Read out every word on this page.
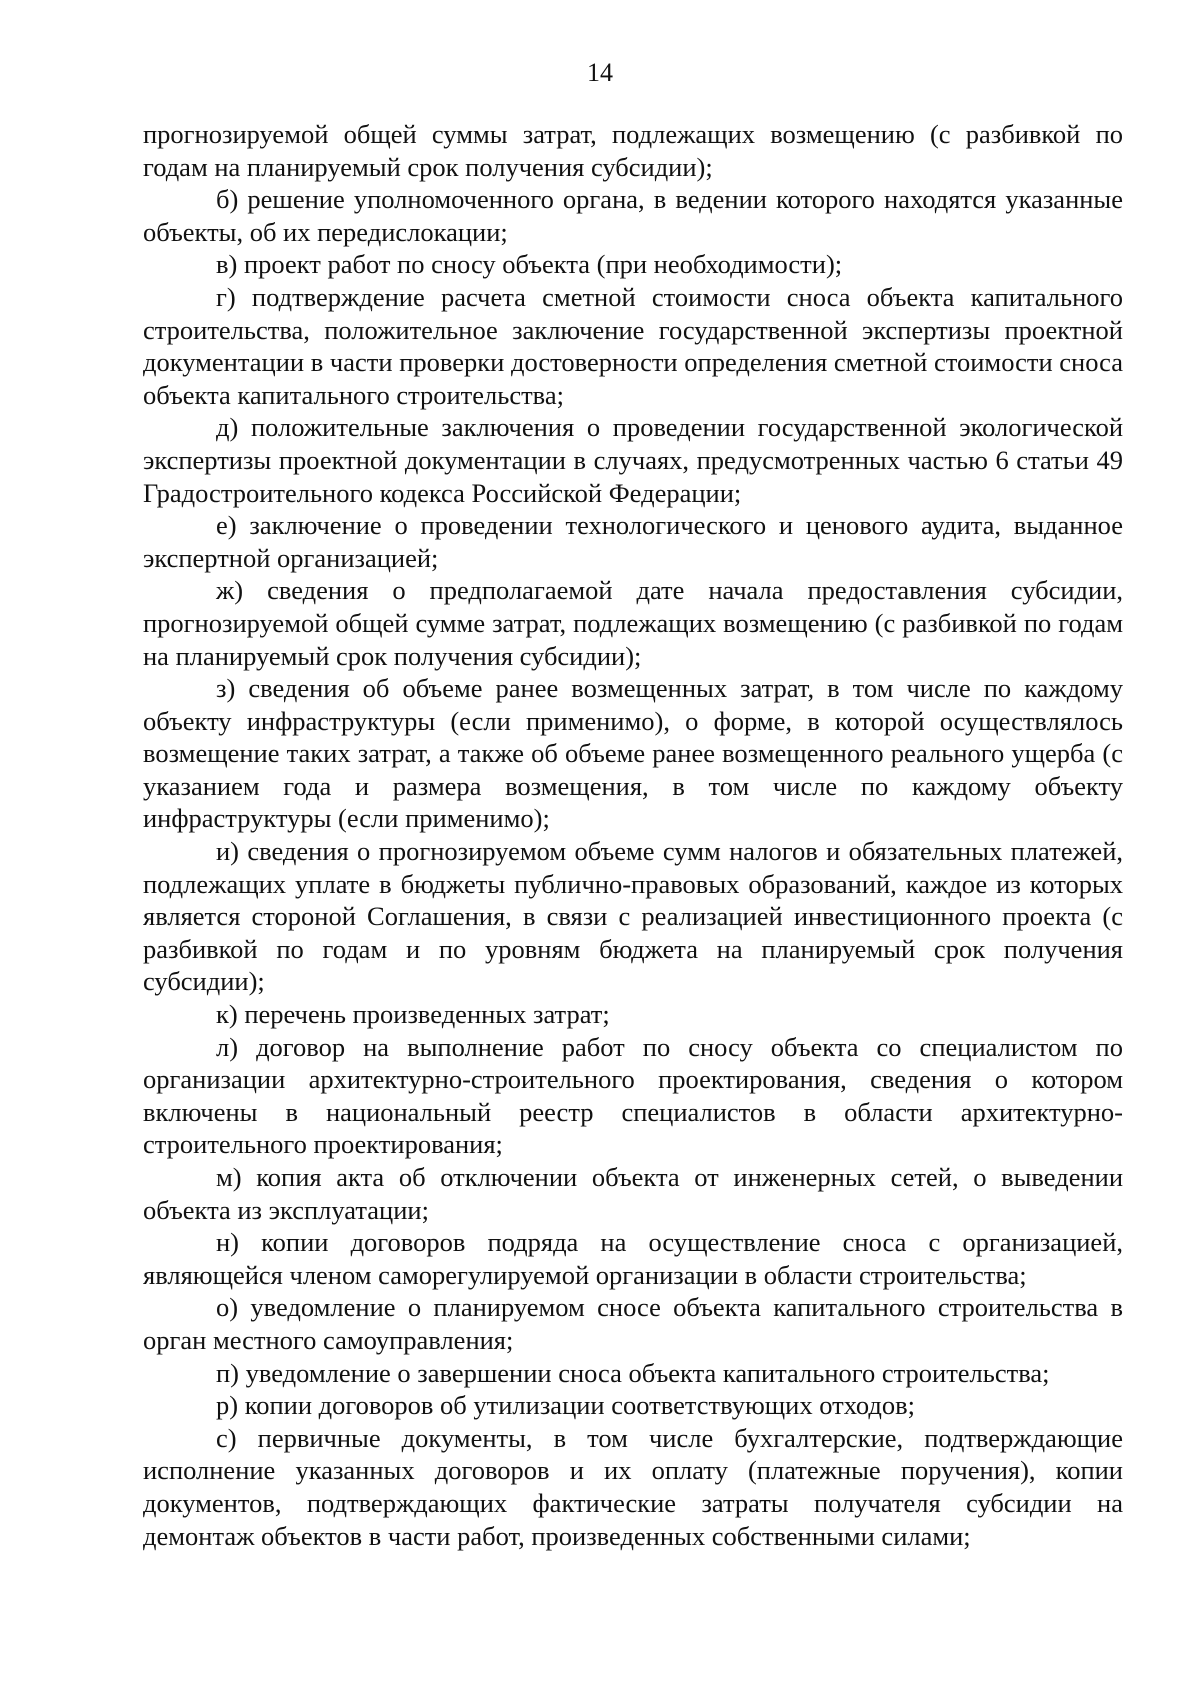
14

прогнозируемой общей суммы затрат, подлежащих возмещению (с разбивкой по годам на планируемый срок получения субсидии);

б) решение уполномоченного органа, в ведении которого находятся указанные объекты, об их передислокации;

в) проект работ по сносу объекта (при необходимости);

г) подтверждение расчета сметной стоимости сноса объекта капитального строительства, положительное заключение государственной экспертизы проектной документации в части проверки достоверности определения сметной стоимости сноса объекта капитального строительства;

д) положительные заключения о проведении государственной экологической экспертизы проектной документации в случаях, предусмотренных частью 6 статьи 49 Градостроительного кодекса Российской Федерации;

е) заключение о проведении технологического и ценового аудита, выданное экспертной организацией;

ж) сведения о предполагаемой дате начала предоставления субсидии, прогнозируемой общей сумме затрат, подлежащих возмещению (с разбивкой по годам на планируемый срок получения субсидии);

з) сведения об объеме ранее возмещенных затрат, в том числе по каждому объекту инфраструктуры (если применимо), о форме, в которой осуществлялось возмещение таких затрат, а также об объеме ранее возмещенного реального ущерба (с указанием года и размера возмещения, в том числе по каждому объекту инфраструктуры (если применимо);

и) сведения о прогнозируемом объеме сумм налогов и обязательных платежей, подлежащих уплате в бюджеты публично-правовых образований, каждое из которых является стороной Соглашения, в связи с реализацией инвестиционного проекта (с разбивкой по годам и по уровням бюджета на планируемый срок получения субсидии);

к) перечень произведенных затрат;

л) договор на выполнение работ по сносу объекта со специалистом по организации архитектурно-строительного проектирования, сведения о котором включены в национальный реестр специалистов в области архитектурно-строительного проектирования;

м) копия акта об отключении объекта от инженерных сетей, о выведении объекта из эксплуатации;

н) копии договоров подряда на осуществление сноса с организацией, являющейся членом саморегулируемой организации в области строительства;

о) уведомление о планируемом сносе объекта капитального строительства в орган местного самоуправления;

п) уведомление о завершении сноса объекта капитального строительства;

р) копии договоров об утилизации соответствующих отходов;

с) первичные документы, в том числе бухгалтерские, подтверждающие исполнение указанных договоров и их оплату (платежные поручения), копии документов, подтверждающих фактические затраты получателя субсидии на демонтаж объектов в части работ, произведенных собственными силами;
